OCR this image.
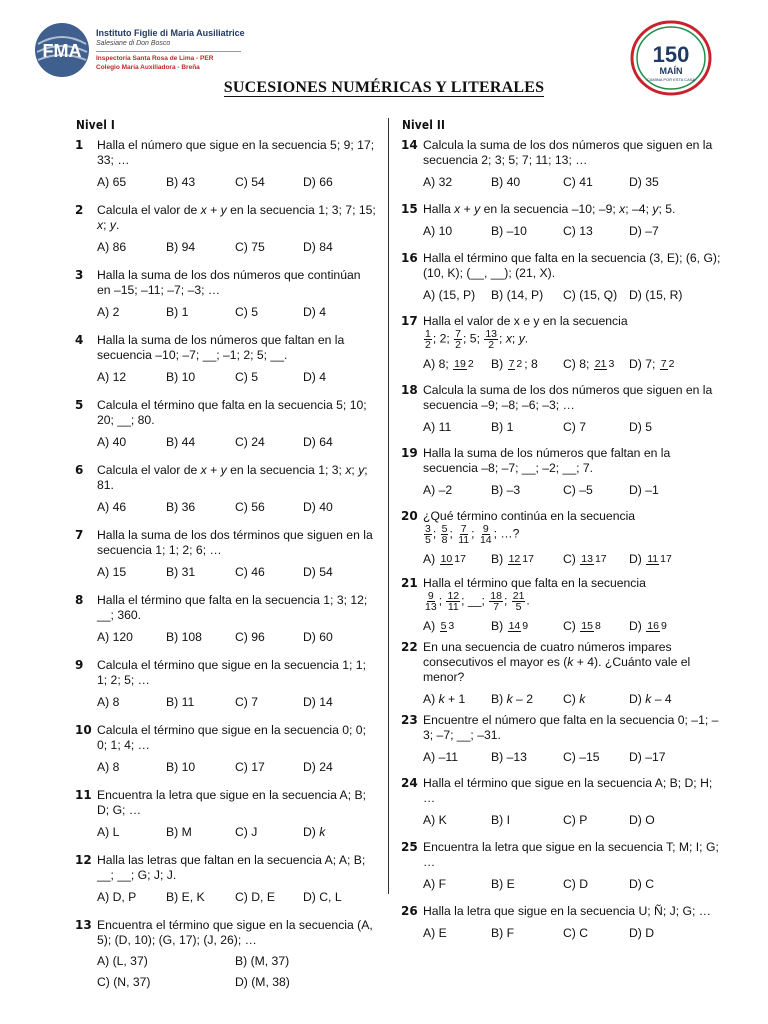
FMA
Instituto Figlie di Maria Ausiliatrice
Salesiane di Don Bosco
Inspectoría Santa Rosa de Lima - PER
Colegio María Auxiliadora - Breña
150
MAÍN
CAMINA POR ESTA CASA
SUCESIONES NUMÉRICAS Y LITERALES
Nivel I
1 Halla el número que sigue en la secuencia 5; 9; 17; 33; …
A) 65	B) 43	C) 54	D) 66
2 Calcula el valor de x + y en la secuencia 1; 3; 7; 15; x; y.
A) 86	B) 94	C) 75	D) 84
3 Halla la suma de los dos números que continúan en –15; –11; –7; –3; …
A) 2	B) 1	C) 5	D) 4
4 Halla la suma de los números que faltan en la secuencia –10; –7; __; –1; 2; 5; __.
A) 12	B) 10	C) 5	D) 4
5 Calcula el término que falta en la secuencia 5; 10; 20; __; 80.
A) 40	B) 44	C) 24	D) 64
6 Calcula el valor de x + y en la secuencia 1; 3; x; y; 81.
A) 46	B) 36	C) 56	D) 40
7 Halla la suma de los dos términos que siguen en la secuencia 1; 1; 2; 6; …
A) 15	B) 31	C) 46	D) 54
8 Halla el término que falta en la secuencia 1; 3; 12; __; 360.
A) 120	B) 108	C) 96	D) 60
9 Calcula el término que sigue en la secuencia 1; 1; 1; 2; 5; …
A) 8	B) 11	C) 7	D) 14
10 Calcula el término que sigue en la secuencia 0; 0; 0; 1; 4; …
A) 8	B) 10	C) 17	D) 24
11 Encuentra la letra que sigue en la secuencia A; B; D; G; …
A) L	B) M	C) J	D) k
12 Halla las letras que faltan en la secuencia A; A; B; __; __; G; J; J.
A) D, P	B) E, K	C) D, E	D) C, L
13 Encuentra el término que sigue en la secuencia (A, 5); (D, 10); (G, 17); (J, 26); …
A) (L, 37)	B) (M, 37)
C) (N, 37)	D) (M, 38)
Nivel II
14 Calcula la suma de los dos números que siguen en la secuencia 2; 3; 5; 7; 11; 13; …
A) 32	B) 40	C) 41	D) 35
15 Halla x + y en la secuencia –10; –9; x; –4; y; 5.
A) 10	B) –10	C) 13	D) –7
16 Halla el término que falta en la secuencia (3, E); (6, G); (10, K); (__, __); (21, X).
A) (15, P)	B) (14, P)	C) (15, Q) D) (15, R)
17 Halla el valor de x e y en la secuencia

$\frac{1}{2}$ ; 2; $\frac{7}{2}$ ; 5; $\frac{13}{2}$ ; x; y.
A) 8; 19 2	B) 7 2 ; 8	C) 8; 21 3	D) 7; 7 2
18 Calcula la suma de los dos números que siguen en la secuencia –9; –8; –6; –3; …
A) 11	B) 1	C) 7	D) 5
19 Halla la suma de los números que faltan en la secuencia –8; –7; __; –2; __; 7.
A) –2	B) –3	C) –5	D) –1
20 ¿Qué término continúa en la secuencia

$\frac{3}{5}$ ; $\frac{5}{8}$ ; $\frac{7}{11}$ ; $\frac{9}{14}$ ; …?
A) 10 17	B) 12 17	C) 13 17	D) 11 17
21 Halla el término que falta en la secuencia

$\frac{9}{13}$ ; $\frac{12}{11}$ ; __; $\frac{18}{7}$ ; $\frac{21}{5}$ .
A) 5 3	B) 14 9	C) 15 8	D) 16 9
22 En una secuencia de cuatro números impares consecutivos el mayor es (k + 4). ¿Cuánto vale el menor?
A) k + 1	B) k – 2	C) k	D) k – 4
23 Encuentre el número que falta en la secuencia 0; –1; –3; –7; __; –31.
A) –11	B) –13	C) –15	D) –17
24 Halla el término que sigue en la secuencia A; B; D; H; …
A) K	B) I	C) P	D) O
25 Encuentra la letra que sigue en la secuencia T; M; I; G; …
A) F	B) E	C) D	D) C
26 Halla la letra que sigue en la secuencia U; Ñ; J; G; …
A) E	B) F	C) C	D) D
